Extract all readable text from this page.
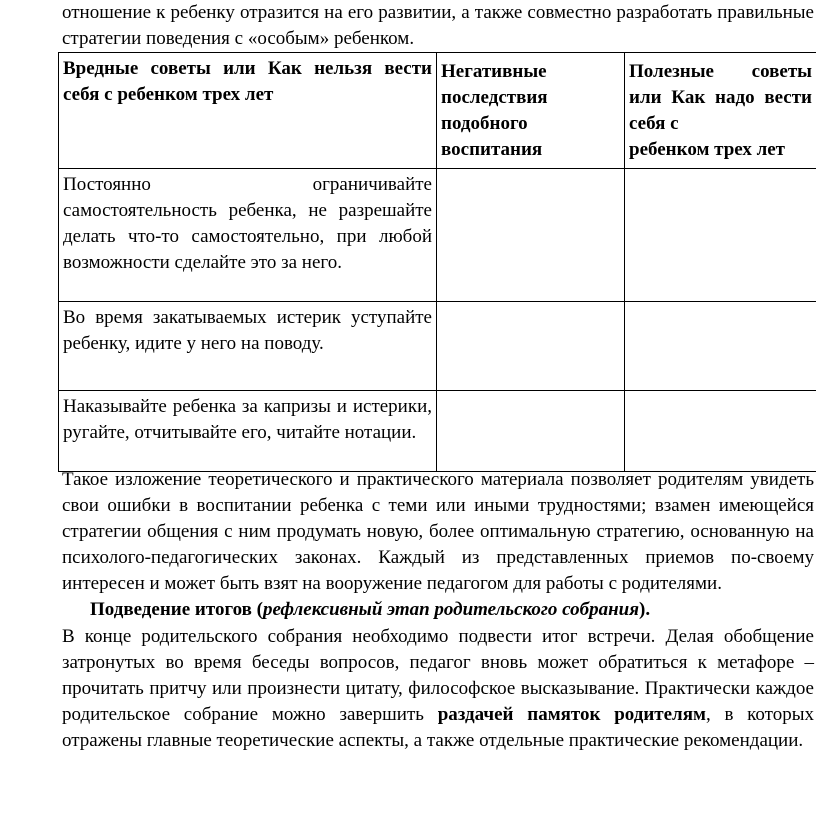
отношение к ребенку отразится на его развитии, а также совместно разработать правильные стратегии поведения с «особым» ребенком.

Вредные советы или Как нельзя вести себя с ребенком трех лет	Негативные последствия подобного воспитания	Полезные советы или Как надо вести себя с
ребенком трех лет

Постоянно ограничивайте самостоятельность ребенка, не разрешайте делать что-то самостоятельно, при любой возможности сделайте это за него.		
Во время закатываемых истерик уступайте ребенку, идите у него на поводу.		
Наказывайте ребенка за капризы и истерики, ругайте, отчитывайте его, читайте нотации.		

Такое изложение теоретического и практического материала позволяет родителям увидеть свои ошибки в воспитании ребенка с теми или иными трудностями; взамен имеющейся стратегии общения с ним продумать новую, более оптимальную стратегию, основанную на психолого-педагогических законах. Каждый из представленных приемов по-своему интересен и может быть взят на вооружение педагогом для работы с родителями.

Подведение итогов (рефлексивный этап родительского собрания).

В конце родительского собрания необходимо подвести итог встречи. Делая обобщение затронутых во время беседы вопросов, педагог вновь может обратиться к метафоре – прочитать притчу или произнести цитату, философское высказывание. Практически каждое родительское собрание можно завершить раздачей памяток родителям, в которых отражены главные теоретические аспекты, а также отдельные практические рекомендации.
